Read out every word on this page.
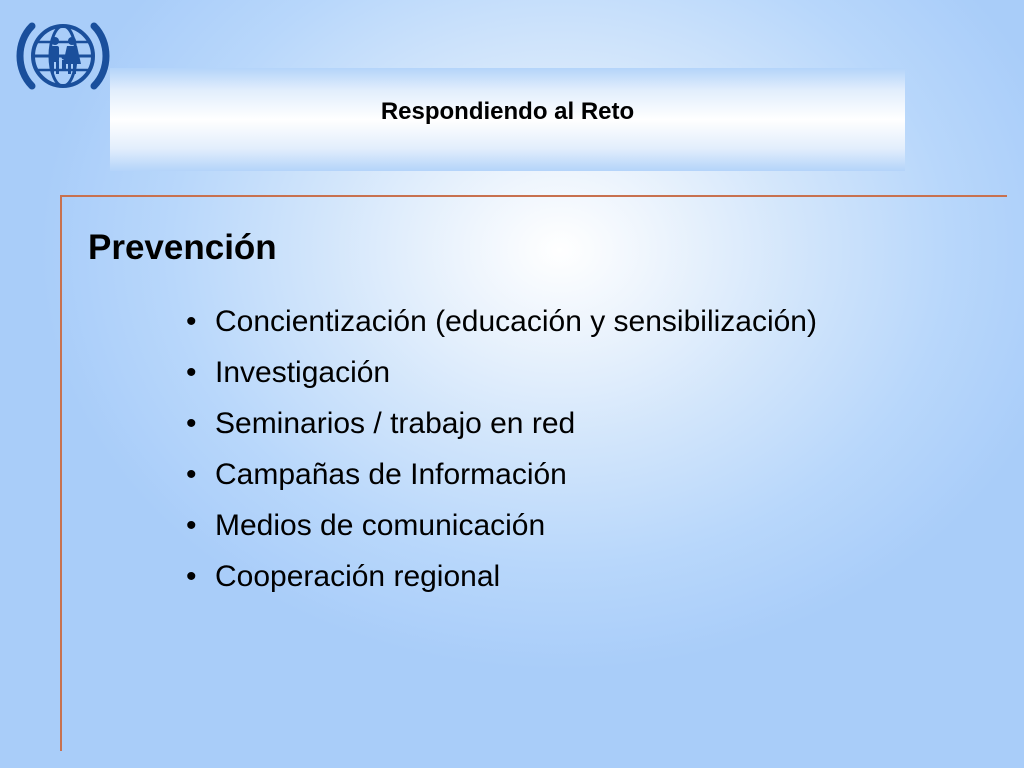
Respondiendo al Reto
Prevención
• Concientización (educación y sensibilización)
• Investigación
• Seminarios / trabajo en red
• Campañas de Información
• Medios de comunicación
• Cooperación regional
